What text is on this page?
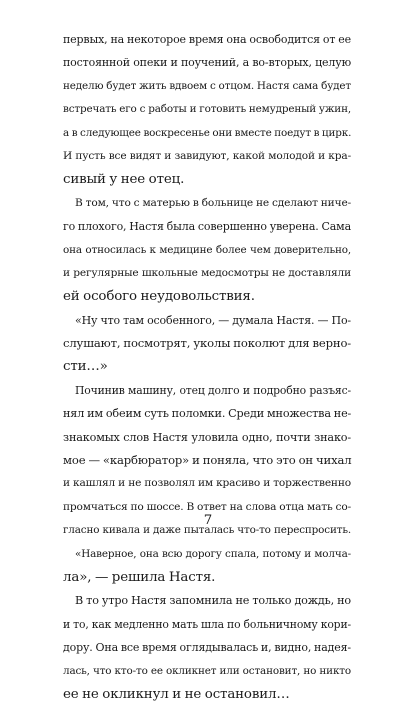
первых, на некоторое время она освободится от ее
постоянной опеки и поучений, а во-вторых, целую
неделю будет жить вдвоем с отцом. Настя сама будет
встречать его с работы и готовить немудреный ужин,
а в следующее воскресенье они вместе поедут в цирк.
И пусть все видят и завидуют, какой молодой и кра-
сивый у нее отец.
В том, что с матерью в больнице не сделают ниче-
го плохого, Настя была совершенно уверена. Сама
она относилась к медицине более чем доверительно,
и регулярные школьные медосмотры не доставляли
ей особого неудовольствия.
«Ну что там особенного, — думала Настя. — По-
слушают, посмотрят, уколы поколют для верно-
сти…»
Починив машину, отец долго и подробно разъяс-
нял им обеим суть поломки. Среди множества не-
знакомых слов Настя уловила одно, почти знако-
мое — «карбюратор» и поняла, что это он чихал
и кашлял и не позволял им красиво и торжественно
промчаться по шоссе. В ответ на слова отца мать со-
гласно кивала и даже пыталась что-то переспросить.
«Наверное, она всю дорогу спала, потому и молча-
ла», — решила Настя.
В то утро Настя запомнила не только дождь, но
и то, как медленно мать шла по больничному кори-
дору. Она все время оглядывалась и, видно, надея-
лась, что кто-то ее окликнет или остановит, но никто
ее не окликнул и не остановил…
7
